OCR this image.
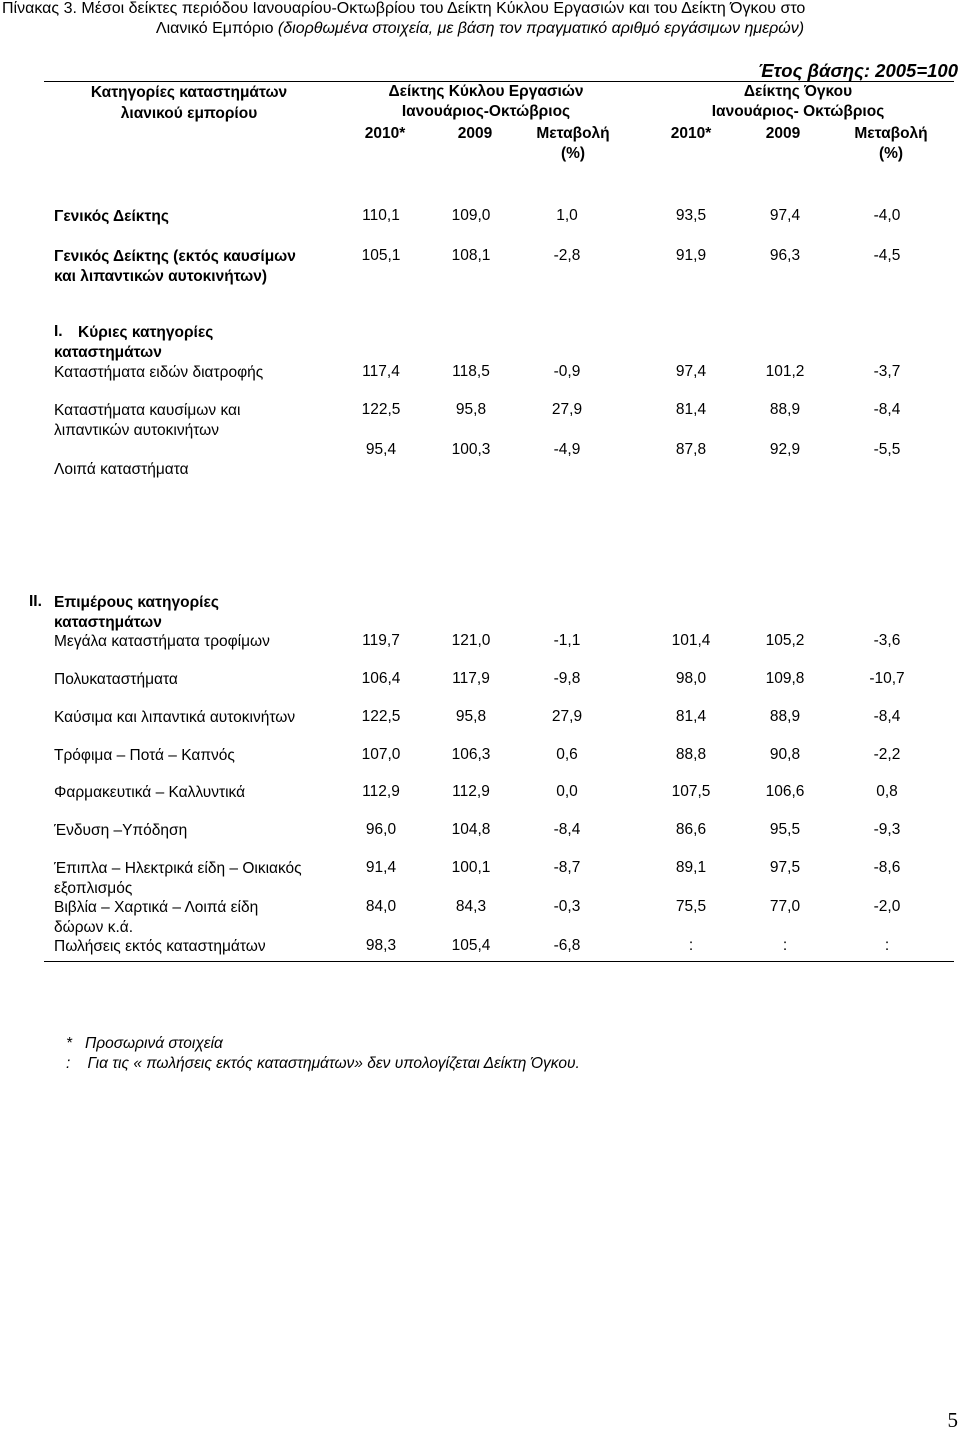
Πίνακας 3. Μέσοι δείκτες περιόδου Ιανουαρίου-Οκτωβρίου του Δείκτη Κύκλου Εργασιών και του Δείκτη Όγκου στο
Λιανικό Εμπόριο (διορθωμένα στοιχεία, με βάση τον πραγματικό αριθμό εργάσιμων ημερών)
Έτος βάσης: 2005=100
Κατηγορίες καταστημάτων
λιανικού εμπορίου
Δείκτης Κύκλου Εργασιών
Ιανουάριος-Οκτώβριος
Δείκτης Όγκου
Ιανουάριος- Οκτώβριος
2010*	2009	Μεταβολή
(%)
2010*	2009	Μεταβολή
(%)
Γενικός Δείκτης	110,1	109,0	1,0	93,5	97,4	-4,0
Γενικός Δείκτης (εκτός καυσίμων
και λιπαντικών αυτοκινήτων)
105,1	108,1	-2,8	91,9	96,3	-4,5
I. Κύριες κατηγορίες
καταστημάτων
Καταστήματα ειδών διατροφής	117,4	118,5	-0,9	97,4	101,2	-3,7
Καταστήματα καυσίμων και
λιπαντικών αυτοκινήτων
122,5	95,8	27,9	81,4	88,9	-8,4
Λοιπά καταστήματα
95,4	100,3	-4,9	87,8	92,9	-5,5
II. Επιμέρους κατηγορίες
καταστημάτων
Μεγάλα καταστήματα τροφίμων	119,7	121,0	-1,1	101,4	105,2	-3,6
Πολυκαταστήματα	106,4	117,9	-9,8	98,0	109,8	-10,7
Καύσιμα και λιπαντικά αυτοκινήτων	122,5	95,8	27,9	81,4	88,9	-8,4
Τρόφιμα – Ποτά – Καπνός	107,0	106,3	0,6	88,8	90,8	-2,2
Φαρμακευτικά – Καλλυντικά	112,9	112,9	0,0	107,5	106,6	0,8
Ένδυση –Υπόδηση	96,0	104,8	-8,4	86,6	95,5	-9,3
Έπιπλα – Ηλεκτρικά είδη – Οικιακός
εξοπλισμός
91,4	100,1	-8,7	89,1	97,5	-8,6
Βιβλία – Χαρτικά – Λοιπά είδη
δώρων κ.ά.
84,0	84,3	-0,3	75,5	77,0	-2,0
Πωλήσεις εκτός καταστημάτων	98,3	105,4	-6,8	:	:	:
* Προσωρινά στοιχεία
: Για τις « πωλήσεις εκτός καταστημάτων» δεν υπολογίζεται Δείκτη Όγκου.
5
